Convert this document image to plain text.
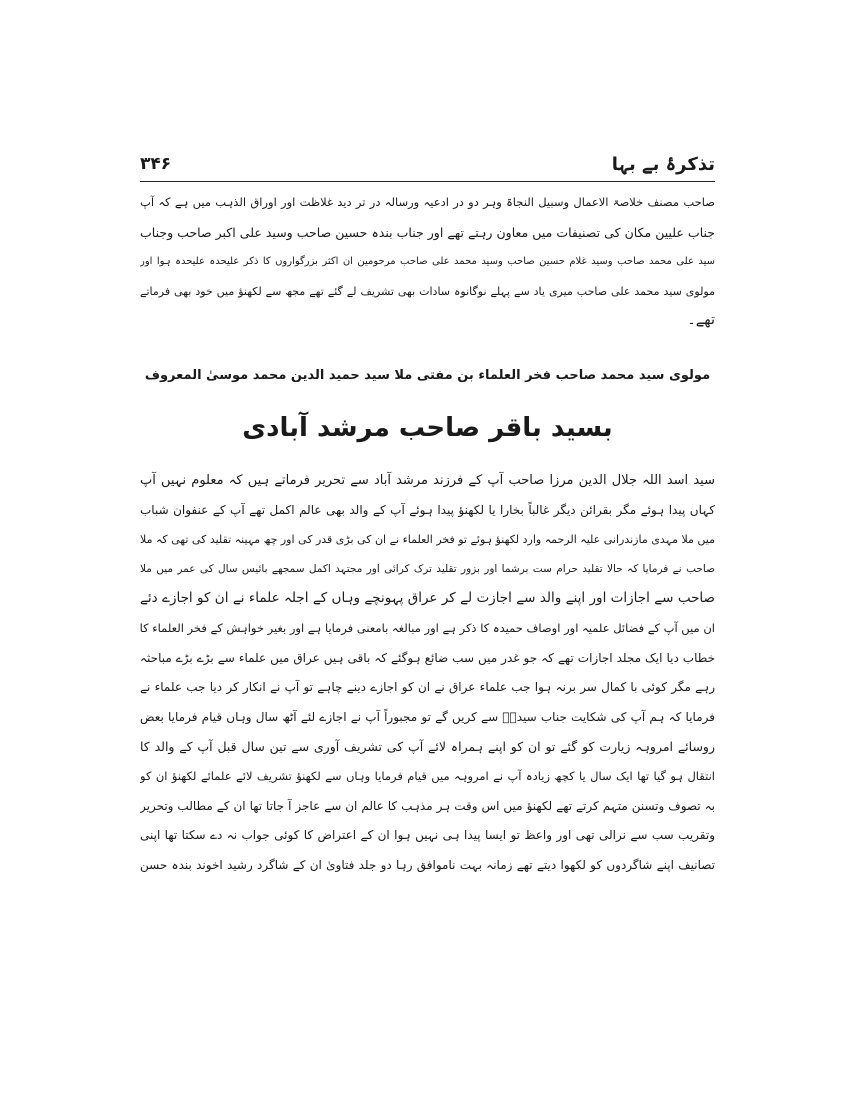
تذکرۂ بے بہا
۳۴۶
صاحب مصنف خلاصۃ الاعمال وسبیل النجاۃ وہر دو در ادعیہ ورسالہ در تر دید غلاظت اور اوراق الذہب میں ہے کہ آپ
جناب علیین مکان کی تصنیفات میں معاون رہتے تھے اور جناب بندہ حسین صاحب وسید علی اکبر صاحب وجناب
سید علی محمد صاحب وسید غلام حسین صاحب وسید محمد علی صاحب مرحومین ان اکثر بزرگواروں کا ذکر علیحدہ علیحدہ ہوا اور
مولوی سید محمد علی صاحب میری یاد سے پہلے نوگانوہ سادات بھی تشریف لے گئے تھے مجھ سے لکھنؤ میں خود بھی فرماتے
تھے۔
مولوی سید محمد صاحب فخر العلماء بن مفتی ملا سید حمید الدین محمد موسیٰ المعروف
بسید باقر صاحب مرشد آبادی
سید اسد اللہ جلال الدین مرزا صاحب آپ کے فرزند مرشد آباد سے تحریر فرماتے ہیں کہ معلوم نہیں آپ
کہاں پیدا ہوئے مگر بقرائن دیگر غالباً بخارا یا لکھنؤ پیدا ہوئے آپ کے والد بھی عالم اکمل تھے آپ کے عنفوان شباب
میں ملا مہدی مازندرانی علیہ الرحمہ وارد لکھنؤ ہوئے تو فخر العلماء نے ان کی بڑی قدر کی اور چھ مہینہ تقلید کی تھی کہ ملا
صاحب نے فرمایا کہ حالا تقلید حرام ست برشما اور بزور تقلید ترک کرائی اور مجتہد اکمل سمجھے بائیس سال کی عمر میں ملا
صاحب سے اجازات اور اپنے والد سے اجازت لے کر عراق پہونچے وہاں کے اجلہ علماء نے ان کو اجازے دئے
ان میں آپ کے فضائل علمیہ اور اوصاف حمیدہ کا ذکر ہے اور مبالغہ بامعنی فرمایا ہے اور بغیر خواہش کے فخر العلماء کا
خطاب دیا ایک مجلد اجازات تھے کہ جو غدر میں سب ضائع ہوگئے کہ باقی ہیں عراق میں علماء سے بڑے بڑے مباحثہ
رہے مگر کوئی با کمال سر برنہ ہوا جب علماء عراق نے ان کو اجازے دینے چاہے تو آپ نے انکار کر دیا جب علماء نے
فرمایا کہ ہم آپ کی شکایت جناب سیدہؑ سے کریں گے تو مجبوراً آپ نے اجازے لئے آٹھ سال وہاں قیام فرمایا بعض
روسائے امروہہ زیارت کو گئے تو ان کو اپنے ہمراہ لائے آپ کی تشریف آوری سے تین سال قبل آپ کے والد کا
انتقال ہو گیا تھا ایک سال یا کچھ زیادہ آپ نے امروہہ میں قیام فرمایا وہاں سے لکھنؤ تشریف لائے علمائے لکھنؤ ان کو
بہ تصوف وتسنن متہم کرتے تھے لکھنؤ میں اس وقت ہر مذہب کا عالم ان سے عاجز آ جاتا تھا ان کے مطالب وتحریر
وتقریب سب سے نرالی تھی اور واعظ تو ایسا پیدا ہی نہیں ہوا ان کے اعتراض کا کوئی جواب نہ دے سکتا تھا اپنی
تصانیف اپنے شاگردوں کو لکھوا دیتے تھے زمانہ بہت ناموافق رہا دو جلد فتاویٰ ان کے شاگرد رشید اخوند بندہ حسن
